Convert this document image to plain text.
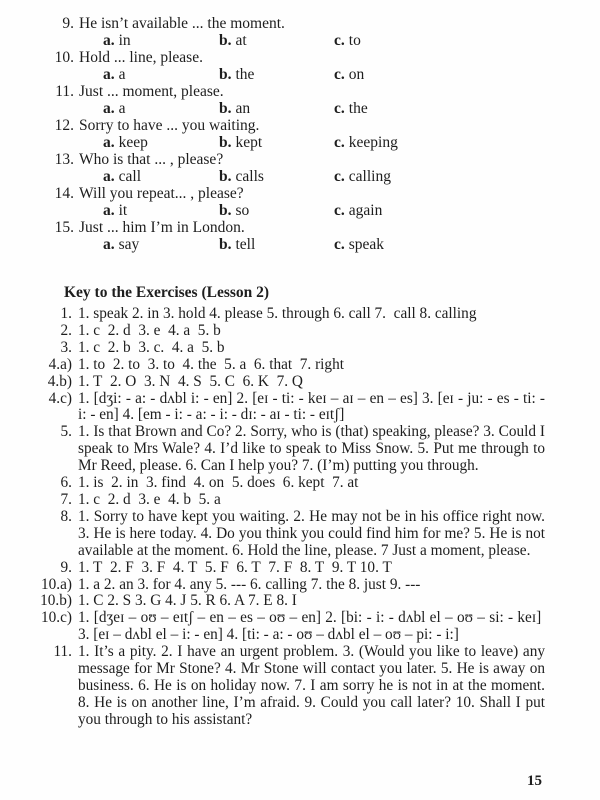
9. He isn’t available ... the moment.
a. in	b. at	c. to
10. Hold ... line, please.
a. a	b. the	c. on
11. Just ... moment, please.
a. a	b. an	c. the
12. Sorry to have ... you waiting.
a. keep	b. kept	c. keeping
13. Who is that ... , please?
a. call	b. calls	c. calling
14. Will you repeat... , please?
a. it	b. so	c. again
15. Just ... him I’m in London.
a. say	b. tell	c. speak
Key to the Exercises (Lesson 2)
1. 1. speak 2. in 3. hold 4. please 5. through 6. call 7.  call 8. calling
2. 1. c  2. d  3. e  4. a  5. b
3. 1. c  2. b  3. c.  4. a  5. b
4.a) 1. to  2. to  3. to  4. the  5. a  6. that  7. right
4.b) 1. T  2. O  3. N  4. S  5. C  6. K  7. Q
4.c) 1. [dʒi: - a: - dʌbl i: - en] 2. [eɪ - ti: - keɪ – aɪ – en – es] 3. [eɪ - ju: - es - ti: - i: - en] 4. [em - i: - a: - i: - dɪ: - aɪ - ti: - eɪtʃ]
5. 1. Is that Brown and Co? 2. Sorry, who is (that) speaking, please? 3. Could I speak to Mrs Wale? 4. I’d like to speak to Miss Snow. 5. Put me through to Mr Reed, please. 6. Can I help you? 7. (I’m) putting you through.
6. 1. is  2. in  3. find  4. on  5. does  6. kept  7. at
7. 1. c  2. d  3. e  4. b  5. a
8. 1. Sorry to have kept you waiting. 2. He may not be in his office right now. 3. He is here today. 4. Do you think you could find him for me? 5. He is not available at the moment. 6. Hold the line, please. 7 Just a moment, please.
9. 1. T  2. F  3. F  4. T  5. F  6. T  7. F  8. T  9. T 10. T
10.a) 1. a 2. an 3. for 4. any 5. --- 6. calling 7. the 8. just 9. ---
10.b) 1. C 2. S 3. G 4. J 5. R 6. A 7. E 8. I
10.c) 1. [dʒeɪ – oʊ – eɪtʃ – en – es – oʊ – en] 2. [bi: - i: - dʌbl el – oʊ – si: - keɪ]  3. [eɪ – dʌbl el – i: - en] 4. [ti: - a: - oʊ – dʌbl el – oʊ – pi: - i:]
11. 1. It’s a pity. 2. I have an urgent problem. 3. (Would you like to leave) any message for Mr Stone? 4. Mr Stone will contact you later. 5. He is away on business. 6. He is on holiday now. 7. I am sorry he is not in at the moment. 8. He is on another line, I’m afraid. 9. Could you call later? 10. Shall I put you through to his assistant?
15
